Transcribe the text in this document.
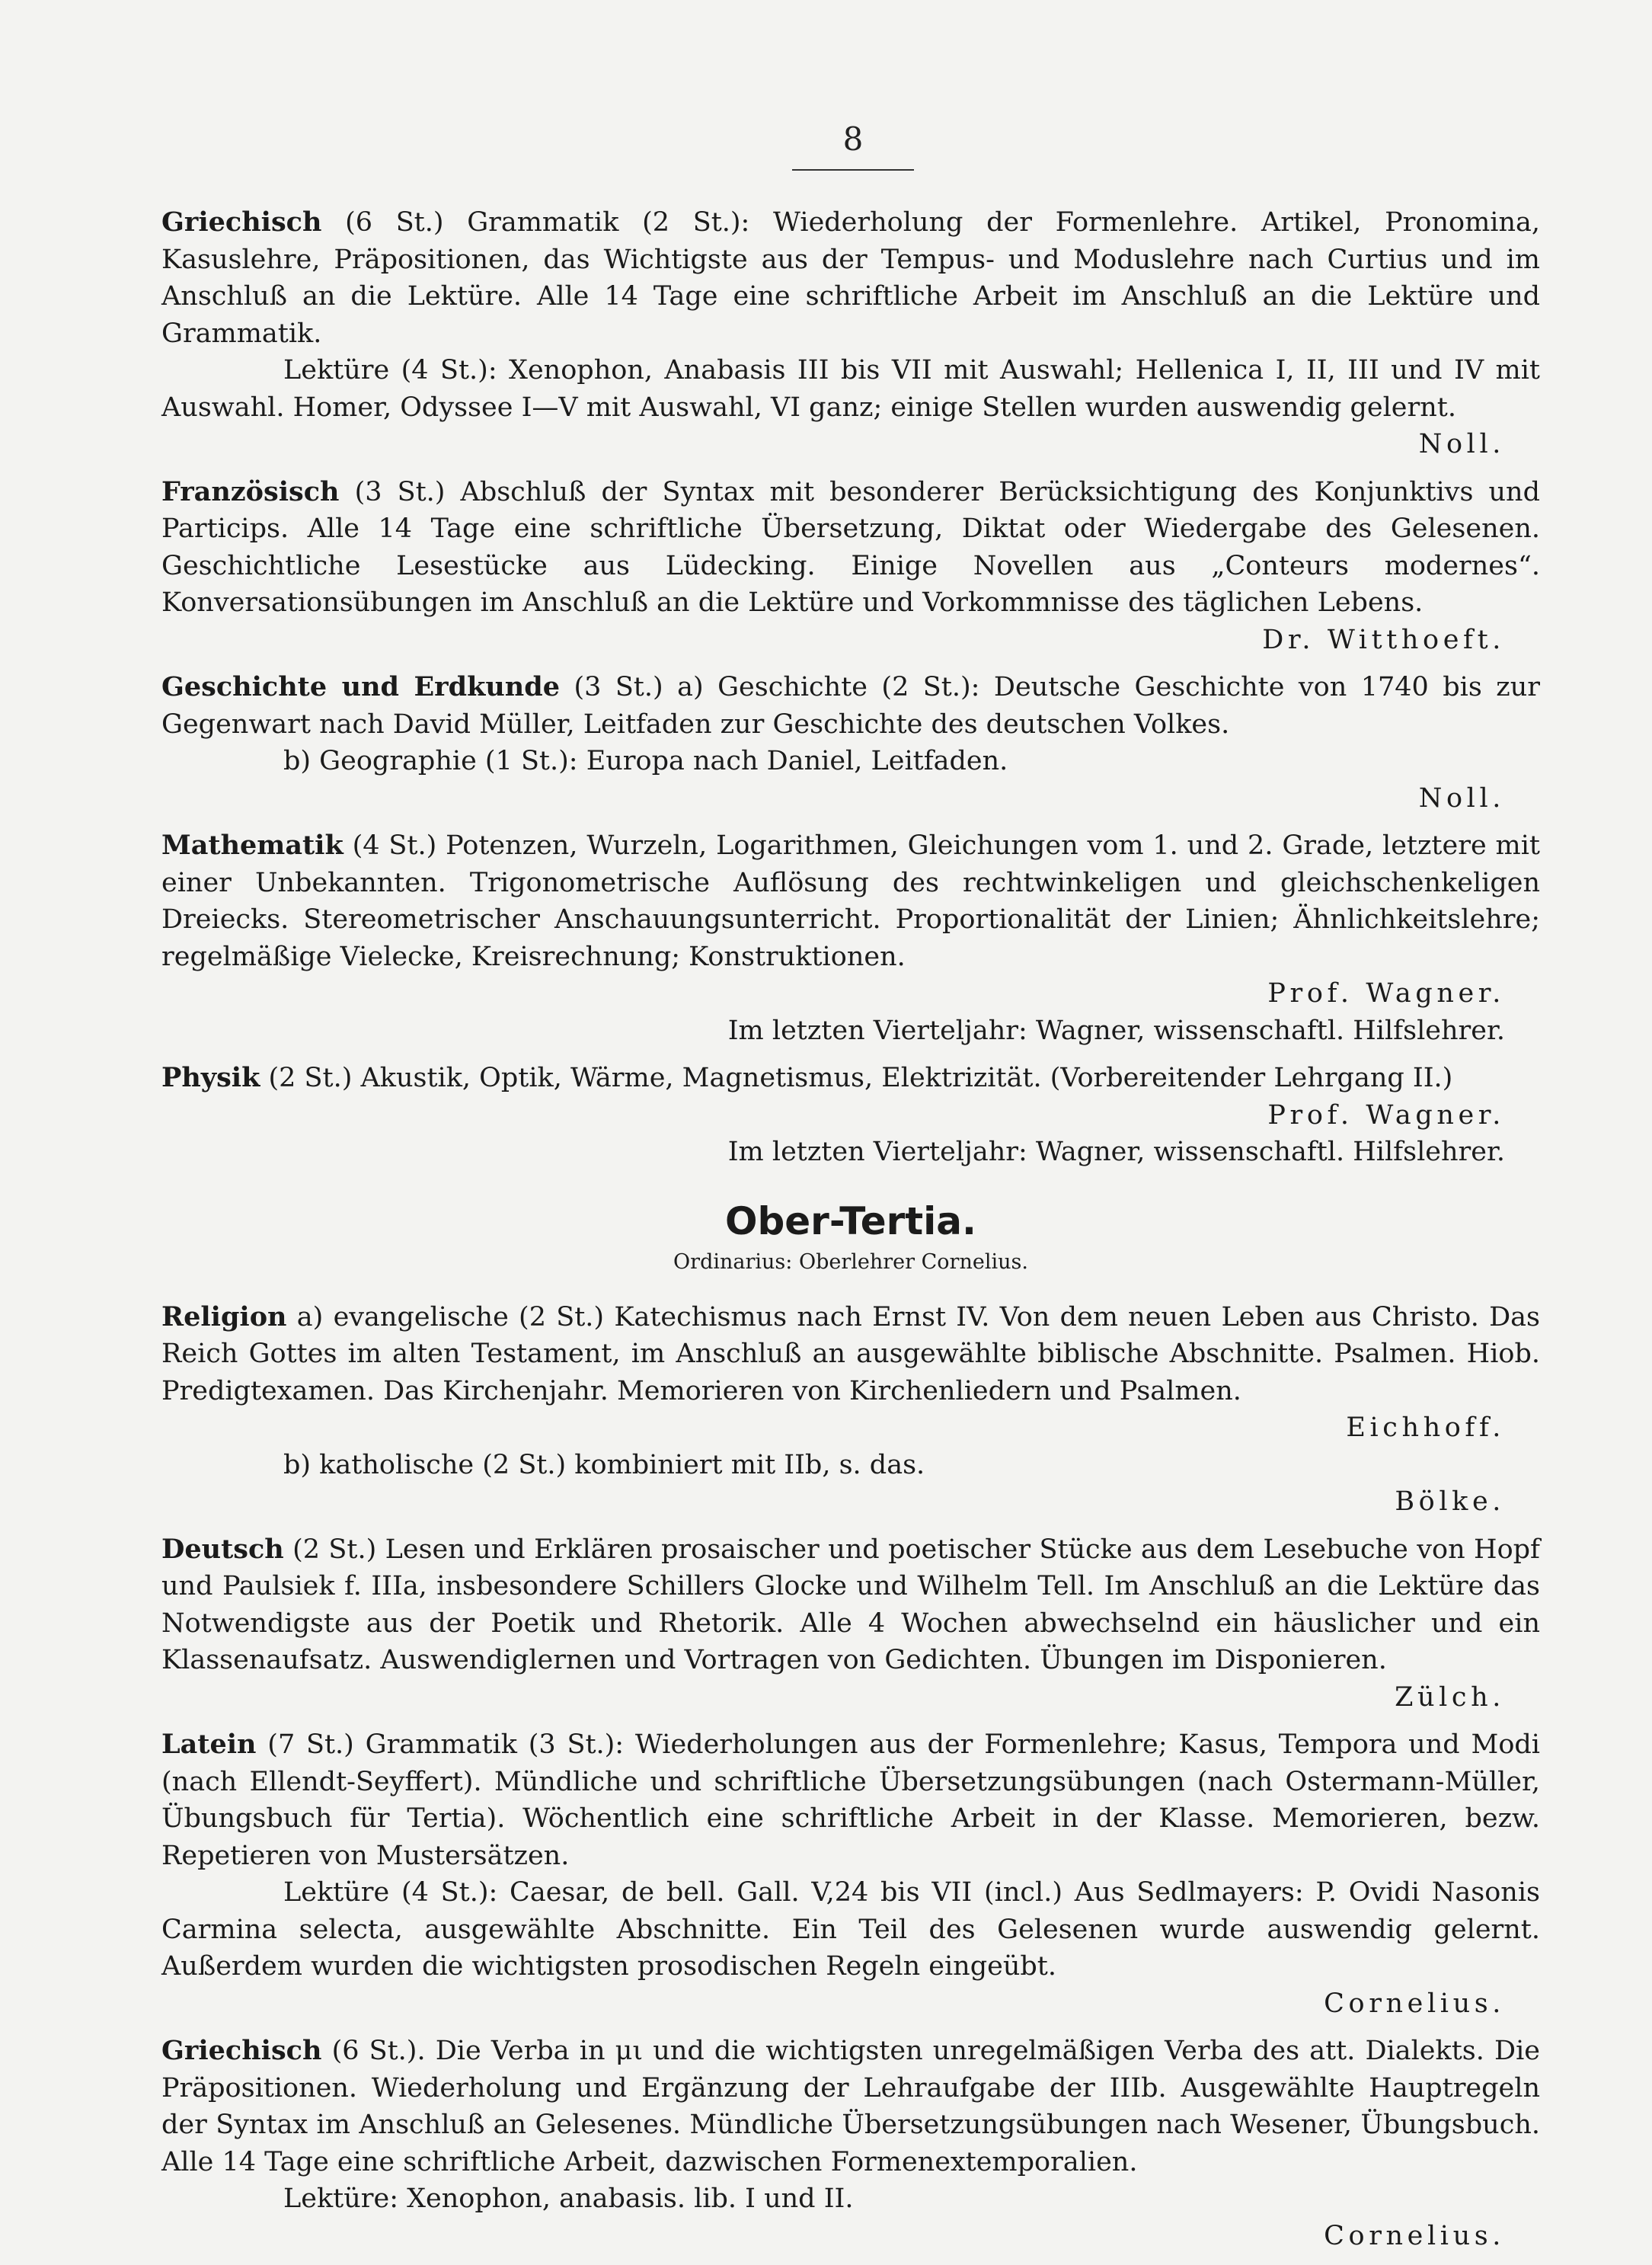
8

Griechisch (6 St.) Grammatik (2 St.): Wiederholung der Formenlehre. Artikel, Pronomina, Kasuslehre, Präpositionen, das Wichtigste aus der Tempus- und Moduslehre nach Curtius und im Anschluß an die Lektüre. Alle 14 Tage eine schriftliche Arbeit im Anschluß an die Lektüre und Grammatik.

Lektüre (4 St.): Xenophon, Anabasis III bis VII mit Auswahl; Hellenica I, II, III und IV mit Auswahl. Homer, Odyssee I—V mit Auswahl, VI ganz; einige Stellen wurden auswendig gelernt.

Noll.

Französisch (3 St.) Abschluß der Syntax mit besonderer Berücksichtigung des Konjunktivs und Particips. Alle 14 Tage eine schriftliche Übersetzung, Diktat oder Wiedergabe des Gelesenen. Geschichtliche Lesestücke aus Lüdecking. Einige Novellen aus „Conteurs modernes“. Konversationsübungen im Anschluß an die Lektüre und Vorkommnisse des täglichen Lebens.

Dr. Witthoeft.

Geschichte und Erdkunde (3 St.) a) Geschichte (2 St.): Deutsche Geschichte von 1740 bis zur Gegenwart nach David Müller, Leitfaden zur Geschichte des deutschen Volkes.

b) Geographie (1 St.): Europa nach Daniel, Leitfaden.

Noll.

Mathematik (4 St.) Potenzen, Wurzeln, Logarithmen, Gleichungen vom 1. und 2. Grade, letztere mit einer Unbekannten. Trigonometrische Auflösung des rechtwinkeligen und gleichschenkeligen Dreiecks. Stereometrischer Anschauungsunterricht. Proportionalität der Linien; Ähnlichkeitslehre; regelmäßige Vielecke, Kreisrechnung; Konstruktionen.

Prof. Wagner.

Im letzten Vierteljahr: Wagner, wissenschaftl. Hilfslehrer.

Physik (2 St.) Akustik, Optik, Wärme, Magnetismus, Elektrizität. (Vorbereitender Lehrgang II.)

Prof. Wagner.

Im letzten Vierteljahr: Wagner, wissenschaftl. Hilfslehrer.

Ober-Tertia.
Ordinarius: Oberlehrer Cornelius.

Religion a) evangelische (2 St.) Katechismus nach Ernst IV. Von dem neuen Leben aus Christo. Das Reich Gottes im alten Testament, im Anschluß an ausgewählte biblische Abschnitte. Psalmen. Hiob. Predigtexamen. Das Kirchenjahr. Memorieren von Kirchenliedern und Psalmen.

Eichhoff.

b) katholische (2 St.) kombiniert mit IIb, s. das.

Bölke.

Deutsch (2 St.) Lesen und Erklären prosaischer und poetischer Stücke aus dem Lesebuche von Hopf und Paulsiek f. IIIa, insbesondere Schillers Glocke und Wilhelm Tell. Im Anschluß an die Lektüre das Notwendigste aus der Poetik und Rhetorik. Alle 4 Wochen abwechselnd ein häuslicher und ein Klassenaufsatz. Auswendiglernen und Vortragen von Gedichten. Übungen im Disponieren.

Zülch.

Latein (7 St.) Grammatik (3 St.): Wiederholungen aus der Formenlehre; Kasus, Tempora und Modi (nach Ellendt-Seyffert). Mündliche und schriftliche Übersetzungsübungen (nach Ostermann-Müller, Übungsbuch für Tertia). Wöchentlich eine schriftliche Arbeit in der Klasse. Memorieren, bezw. Repetieren von Mustersätzen.

Lektüre (4 St.): Caesar, de bell. Gall. V,24 bis VII (incl.) Aus Sedlmayers: P. Ovidi Nasonis Carmina selecta, ausgewählte Abschnitte. Ein Teil des Gelesenen wurde auswendig gelernt. Außerdem wurden die wichtigsten prosodischen Regeln eingeübt.

Cornelius.

Griechisch (6 St.). Die Verba in μι und die wichtigsten unregelmäßigen Verba des att. Dialekts. Die Präpositionen. Wiederholung und Ergänzung der Lehraufgabe der IIIb. Ausgewählte Hauptregeln der Syntax im Anschluß an Gelesenes. Mündliche Übersetzungsübungen nach Wesener, Übungsbuch. Alle 14 Tage eine schriftliche Arbeit, dazwischen Formenextemporalien.

Lektüre: Xenophon, anabasis. lib. I und II.

Cornelius.
